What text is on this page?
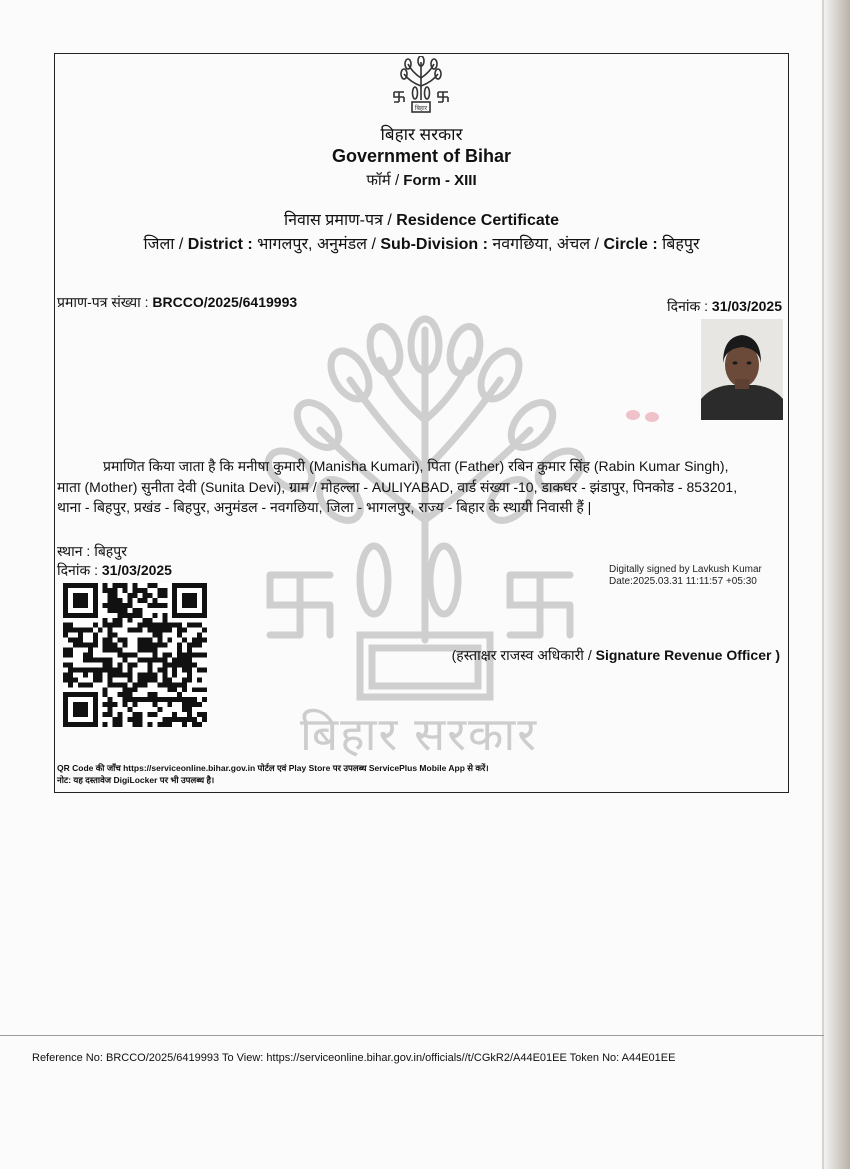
बिहार सरकार
बिहार
बिहार सरकार
Government of Bihar
फॉर्म / Form - XIII
निवास प्रमाण-पत्र / Residence Certificate
जिला / District : भागलपुर, अनुमंडल / Sub-Division : नवगछिया, अंचल / Circle : बिहपुर
प्रमाण-पत्र संख्या : BRCCO/2025/6419993	दिनांक : 31/03/2025
प्रमाणित किया जाता है कि मनीषा कुमारी (Manisha Kumari), पिता (Father) रबिन कुमार सिंह (Rabin Kumar Singh),
माता (Mother) सुनीता देवी (Sunita Devi), ग्राम / मोहल्ला - AULIYABAD, वार्ड संख्या -10, डाकघर - झंडापुर, पिनकोड - 853201,
थाना - बिहपुर, प्रखंड - बिहपुर, अनुमंडल - नवगछिया, जिला - भागलपुर, राज्य - बिहार के स्थायी निवासी हैं |
स्थान : बिहपुर
दिनांक : 31/03/2025	Digitally signed by Lavkush Kumar
Date:2025.03.31 11:11:57 +05:30
(हस्ताक्षर राजस्व अधिकारी / Signature Revenue Officer )
QR Code की जाँच https://serviceonline.bihar.gov.in पोर्टल एवं Play Store पर उपलब्ध ServicePlus Mobile App से करें।
नोट: यह दस्तावेज DigiLocker पर भी उपलब्ध है।
Reference No: BRCCO/2025/6419993 To View: https://serviceonline.bihar.gov.in/officials//t/CGkR2/A44E01EE Token No: A44E01EE
